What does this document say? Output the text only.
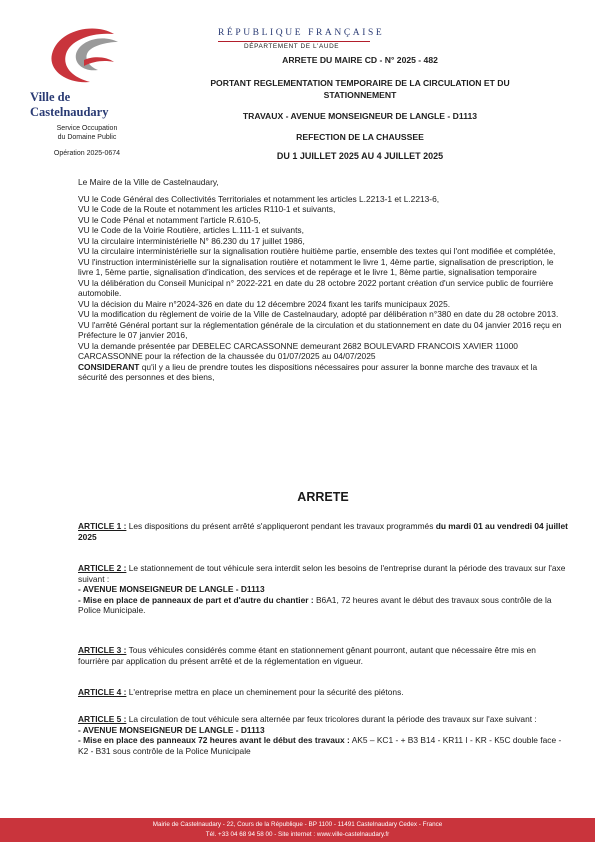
Ville de Castelnaudary
Service Occupation
du Domaine Public
Opération 2025-0674
RÉPUBLIQUE FRANÇAISE
DÉPARTEMENT DE L'AUDE
ARRETE DU MAIRE CD - N° 2025 - 482
PORTANT REGLEMENTATION TEMPORAIRE DE LA CIRCULATION ET DU
STATIONNEMENT
TRAVAUX - AVENUE MONSEIGNEUR DE LANGLE - D1113
REFECTION DE LA CHAUSSEE
DU 1 JUILLET 2025 AU 4 JUILLET 2025

Le Maire de la Ville de Castelnaudary,

VU le Code Général des Collectivités Territoriales et notamment les articles L.2213-1 et L.2213-6,

VU le Code de la Route et notamment les articles R110-1 et suivants,

VU le Code Pénal et notamment l'article R.610-5,

VU le Code de la Voirie Routière, articles L.111-1 et suivants,

VU la circulaire interministérielle N° 86.230 du 17 juillet 1986,

VU la circulaire interministérielle sur la signalisation routière huitième partie, ensemble des textes qui l'ont modifiée et complétée,

VU l'instruction interministérielle sur la signalisation routière et notamment le livre 1, 4ème partie, signalisation de prescription, le livre 1, 5ème partie, signalisation d'indication, des services et de repérage et le livre 1, 8ème partie, signalisation temporaire

VU la délibération du Conseil Municipal n° 2022-221 en date du 28 octobre 2022 portant création d'un service public de fourrière automobile.

VU la décision du Maire n°2024-326 en date du 12 décembre 2024 fixant les tarifs municipaux 2025.

VU la modification du règlement de voirie de la Ville de Castelnaudary, adopté par délibération n°380 en date du 28 octobre 2013.

VU l'arrêté Général portant sur la réglementation générale de la circulation et du stationnement en date du 04 janvier 2016 reçu en Préfecture le 07 janvier 2016,

VU la demande présentée par DEBELEC CARCASSONNE demeurant 2682 BOULEVARD FRANCOIS XAVIER 11000 CARCASSONNE pour la réfection de la chaussée du 01/07/2025 au 04/07/2025

CONSIDERANT qu'il y a lieu de prendre toutes les dispositions nécessaires pour assurer la bonne marche des travaux et la sécurité des personnes et des biens,

ARRETE

ARTICLE 1 : Les dispositions du présent arrêté s'appliqueront pendant les travaux programmés du mardi 01 au vendredi 04 juillet 2025

ARTICLE 2 : Le stationnement de tout véhicule sera interdit selon les besoins de l'entreprise durant la période des travaux sur l'axe suivant :

- AVENUE MONSEIGNEUR DE LANGLE - D1113

- Mise en place de panneaux de part et d'autre du chantier : B6A1, 72 heures avant le début des travaux sous contrôle de la Police Municipale.

ARTICLE 3 : Tous véhicules considérés comme étant en stationnement gênant pourront, autant que nécessaire être mis en fourrière par application du présent arrêté et de la réglementation en vigueur.

ARTICLE 4 : L'entreprise mettra en place un cheminement pour la sécurité des piétons.

ARTICLE 5 : La circulation de tout véhicule sera alternée par feux tricolores durant la période des travaux sur l'axe suivant :

- AVENUE MONSEIGNEUR DE LANGLE - D1113

- Mise en place des panneaux 72 heures avant le début des travaux : AK5 – KC1 - + B3 B14 - KR11 I - KR - K5C double face - K2 - B31 sous contrôle de la Police Municipale

Mairie de Castelnaudary - 22, Cours de la République - BP 1100 - 11491 Castelnaudary Cedex - France
Tél. +33 04 68 94 58 00 - Site internet : www.ville-castelnaudary.fr
